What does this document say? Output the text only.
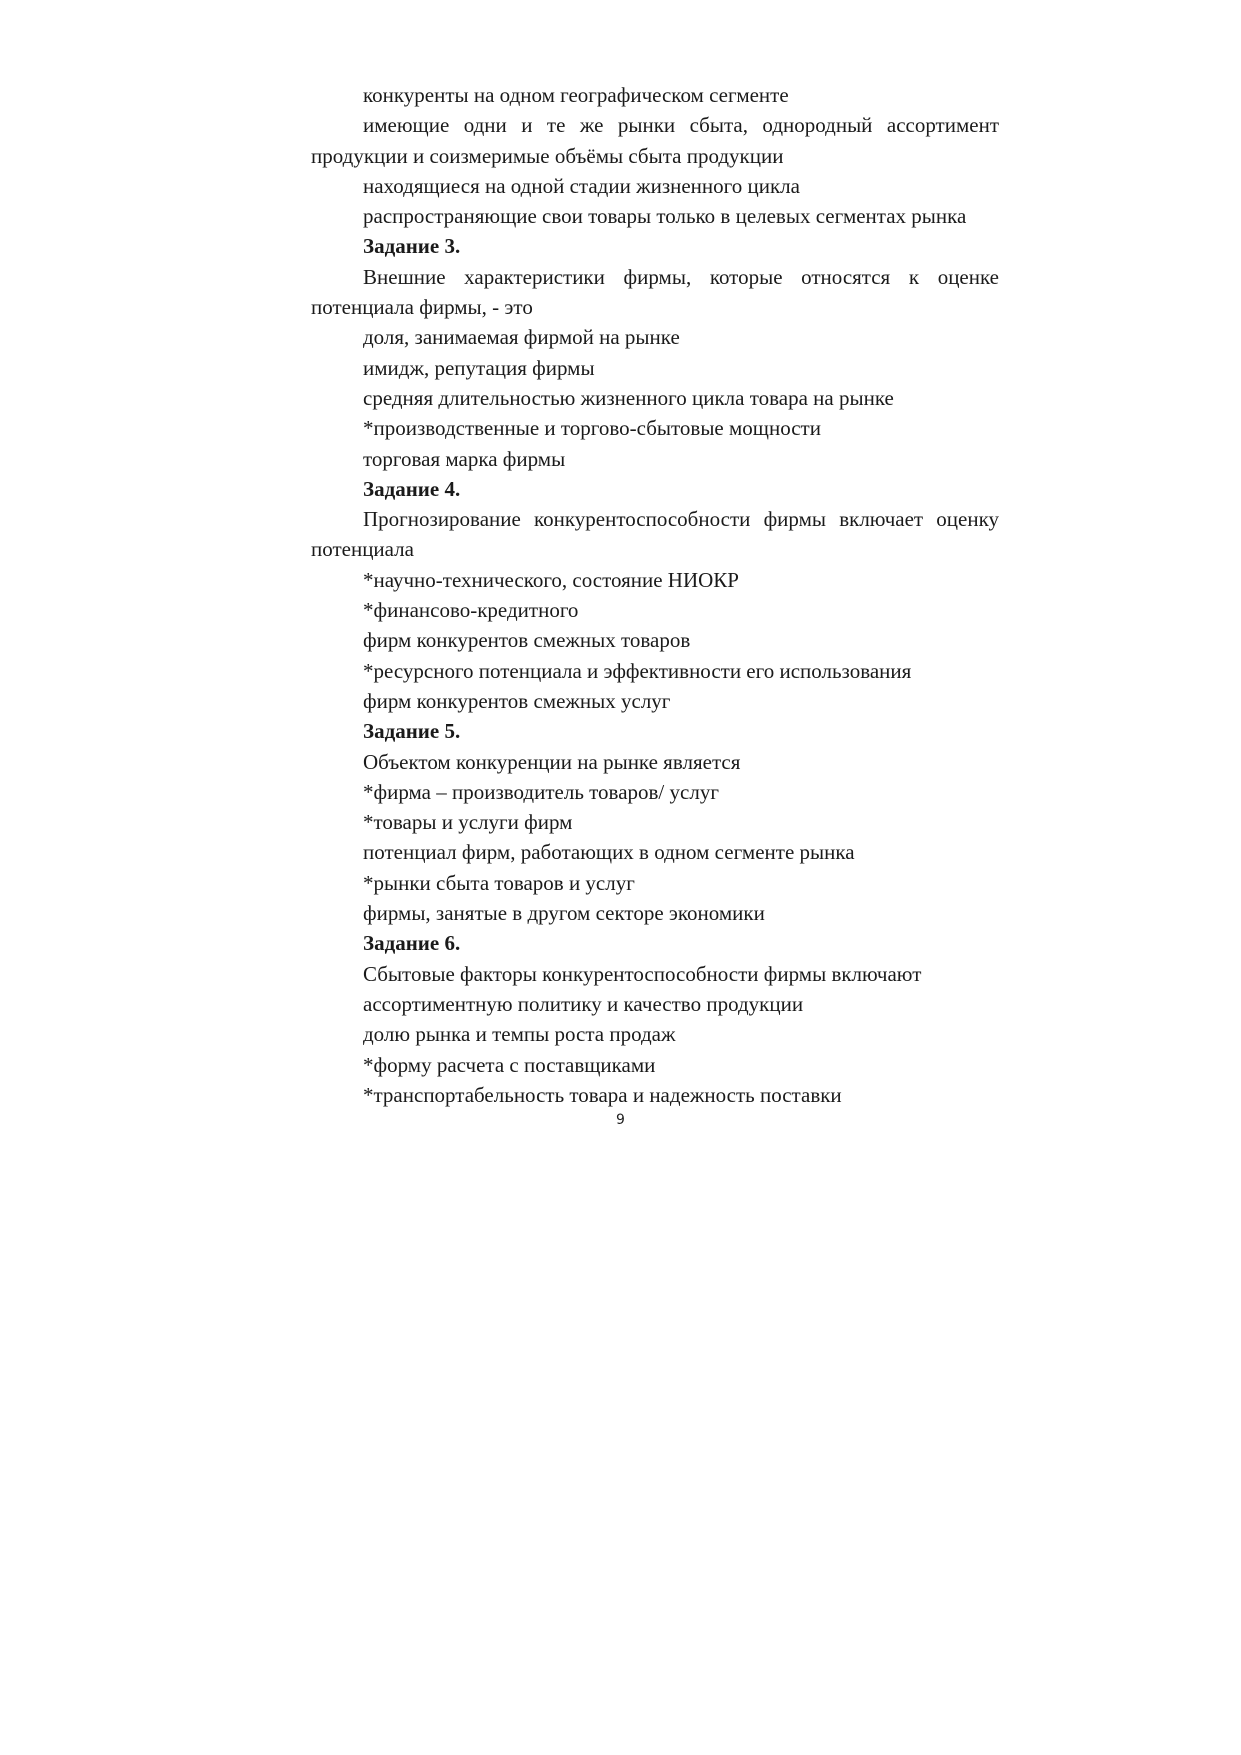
конкуренты на одном географическом сегменте
имеющие одни и те же рынки сбыта, однородный ассортимент продукции и соизмеримые объёмы сбыта продукции
находящиеся на одной стадии жизненного цикла
распространяющие свои товары только в целевых сегментах рынка
Задание 3.
Внешние характеристики фирмы, которые относятся к оценке потенциала фирмы, - это
доля, занимаемая фирмой на рынке
имидж, репутация фирмы
средняя длительностью жизненного цикла товара на рынке
*производственные и торгово-сбытовые мощности
торговая марка фирмы
Задание 4.
Прогнозирование конкурентоспособности фирмы включает оценку потенциала
*научно-технического, состояние НИОКР
*финансово-кредитного
фирм конкурентов смежных товаров
*ресурсного потенциала и эффективности его использования
фирм конкурентов смежных услуг
Задание 5.
Объектом конкуренции на рынке является
*фирма – производитель товаров/ услуг
*товары и услуги фирм
потенциал фирм, работающих в одном сегменте рынка
*рынки сбыта товаров и услуг
фирмы, занятые в другом секторе экономики
Задание 6.
Сбытовые факторы конкурентоспособности фирмы включают
ассортиментную политику и качество продукции
долю рынка и темпы роста продаж
*форму расчета с поставщиками
*транспортабельность товара и надежность поставки
9
